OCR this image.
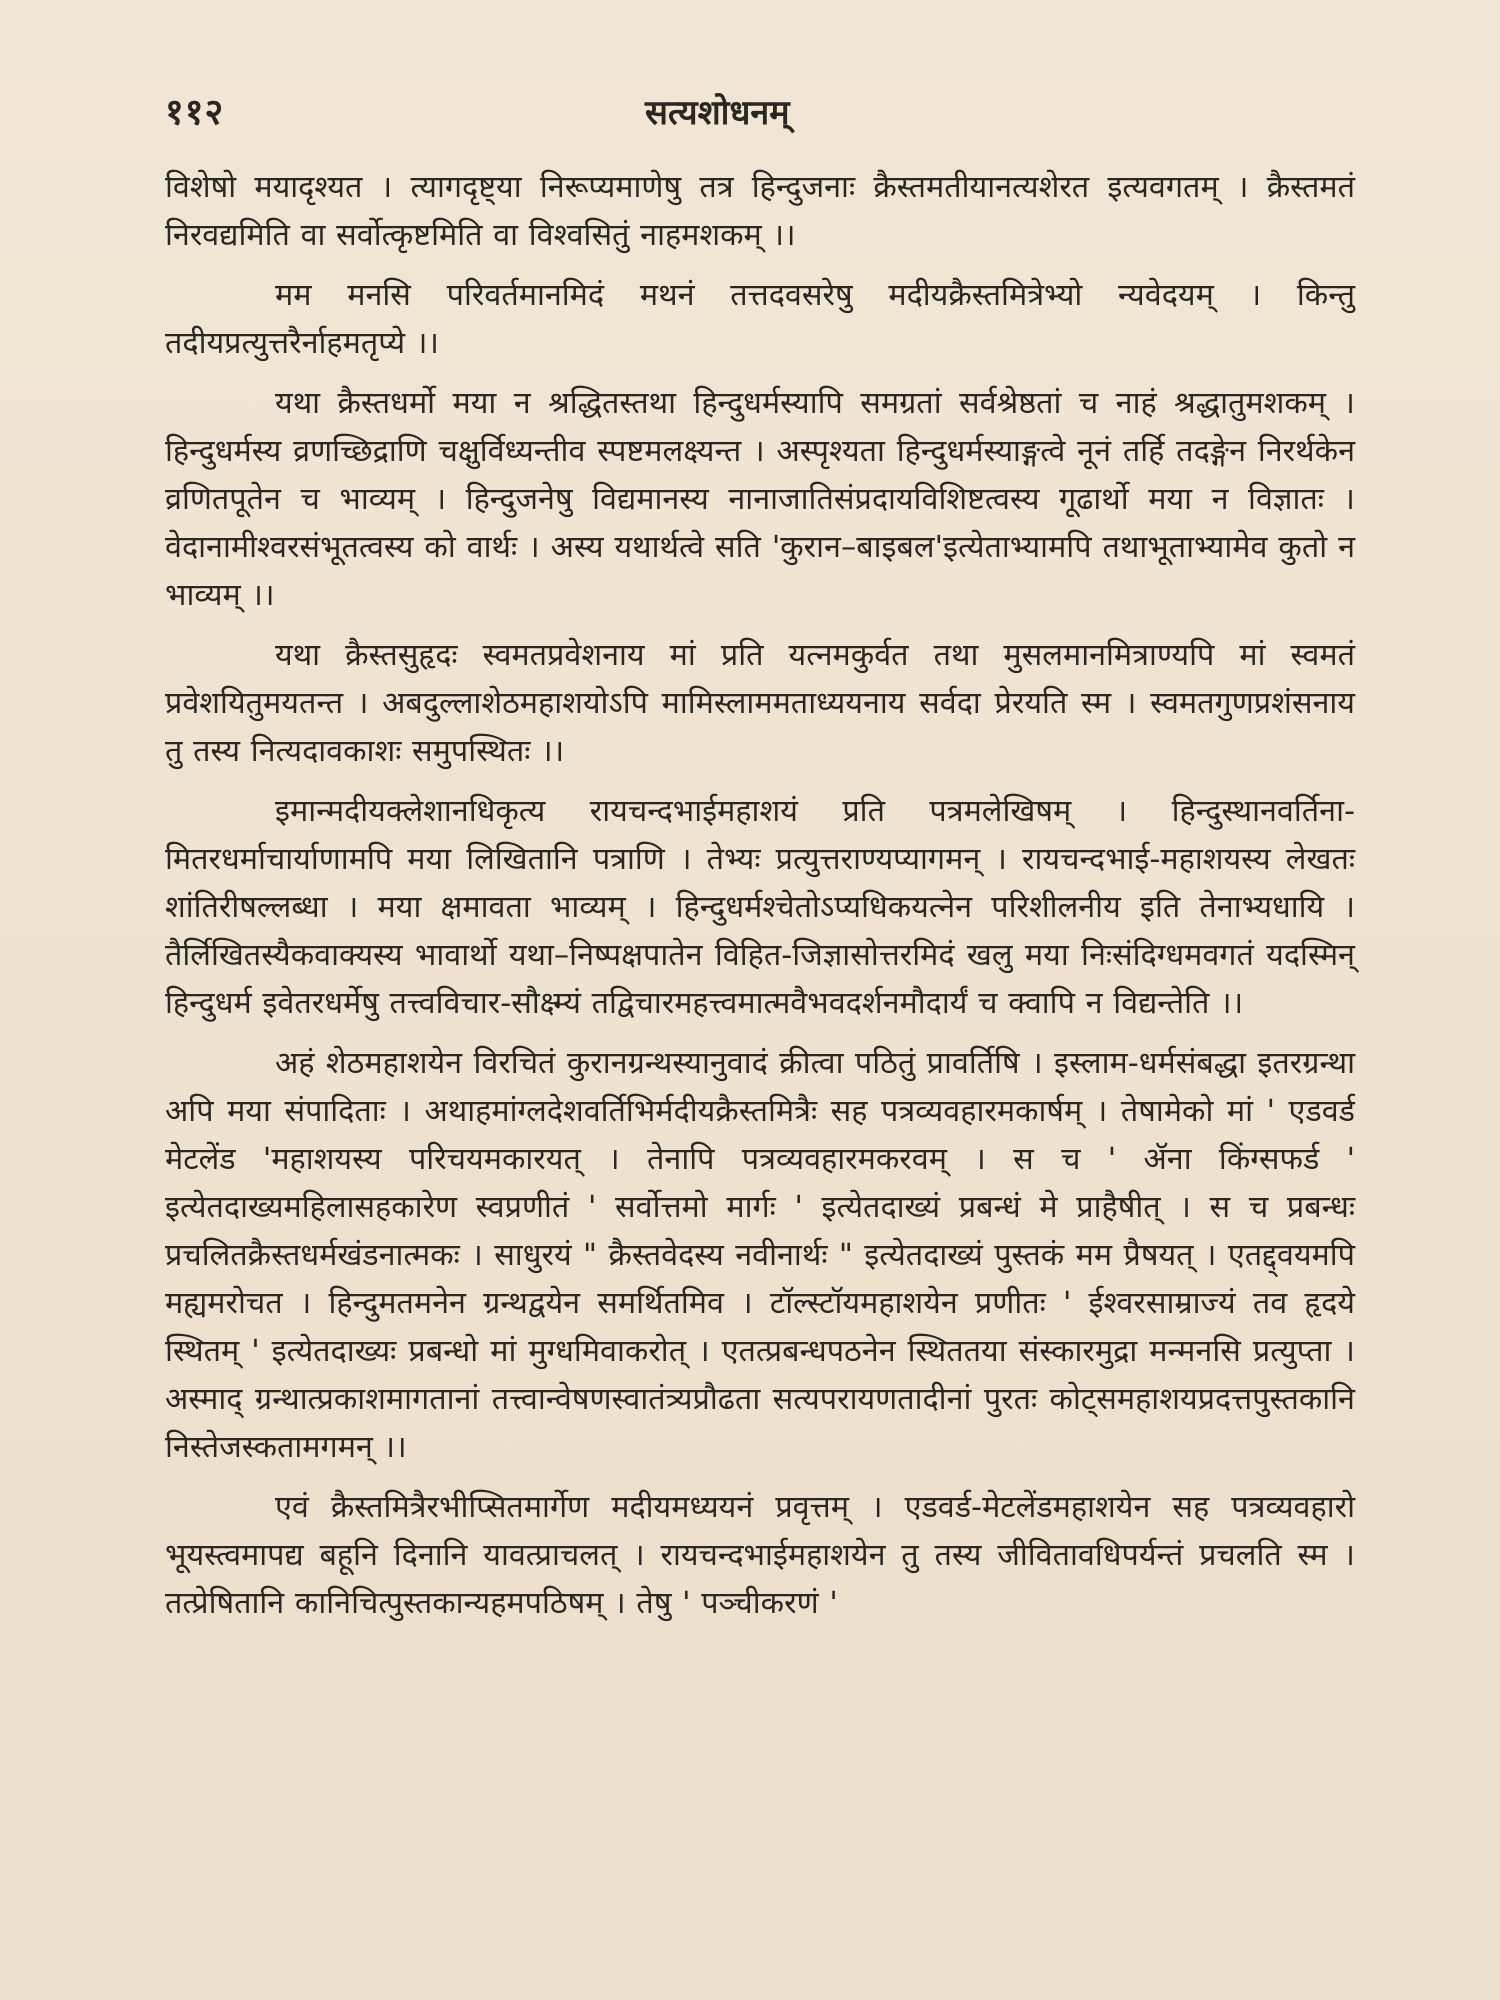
११२	सत्यशोधनम्

विशेषो मयादृश्यत । त्यागदृष्ट्या निरूप्यमाणेषु तत्र हिन्दुजनाः क्रैस्तमतीयानत्यशेरत इत्यवगतम् । क्रैस्तमतं निरवद्यमिति वा सर्वोत्कृष्टमिति वा विश्वसितुं नाहमशकम् ।।

मम मनसि परिवर्तमानमिदं मथनं तत्तदवसरेषु मदीयक्रैस्तमित्रेभ्यो न्यवेदयम् । किन्तु तदीयप्रत्युत्तरैर्नाहमतृप्ये ।।

यथा क्रैस्तधर्मो मया न श्रद्धितस्तथा हिन्दुधर्मस्यापि समग्रतां सर्वश्रेष्ठतां च नाहं श्रद्धातुमशकम् । हिन्दुधर्मस्य व्रणच्छिद्राणि चक्षुर्विध्यन्तीव स्पष्टमलक्ष्यन्त । अस्पृश्यता हिन्दुधर्मस्याङ्गत्वे नूनं तर्हि तदङ्गेन निरर्थकेन व्रणितपूतेन च भाव्यम् । हिन्दुजनेषु विद्यमानस्य नानाजातिसंप्रदायविशिष्टत्वस्य गूढार्थो मया न विज्ञातः । वेदानामीश्वरसंभूतत्वस्य को वार्थः । अस्य यथार्थत्वे सति 'कुरान–बाइबल'इत्येताभ्यामपि तथाभूताभ्यामेव कुतो न भाव्यम् ।।

यथा क्रैस्तसुहृदः स्वमतप्रवेशनाय मां प्रति यत्नमकुर्वत तथा मुसलमानमित्राण्यपि मां स्वमतं प्रवेशयितुमयतन्त । अबदुल्लाशेठमहाशयोऽपि मामिस्लाममताध्ययनाय सर्वदा प्रेरयति स्म । स्वमतगुणप्रशंसनाय तु तस्य नित्यदावकाशः समुपस्थितः ।।

इमान्मदीयक्लेशानधिकृत्य रायचन्दभाईमहाशयं प्रति पत्रमलेखिषम् । हिन्दुस्थानवर्तिना-मितरधर्माचार्याणामपि मया लिखितानि पत्राणि । तेभ्यः प्रत्युत्तराण्यप्यागमन् । रायचन्दभाई-महाशयस्य लेखतः शांतिरीषल्लब्धा । मया क्षमावता भाव्यम् । हिन्दुधर्मश्चेतोऽप्यधिकयत्नेन परिशीलनीय इति तेनाभ्यधायि । तैर्लिखितस्यैकवाक्यस्य भावार्थो यथा–निष्पक्षपातेन विहित-जिज्ञासोत्तरमिदं खलु मया निःसंदिग्धमवगतं यदस्मिन् हिन्दुधर्म इवेतरधर्मेषु तत्त्वविचार-सौक्ष्म्यं तद्विचारमहत्त्वमात्मवैभवदर्शनमौदार्यं च क्वापि न विद्यन्तेति ।।

अहं शेठमहाशयेन विरचितं कुरानग्रन्थस्यानुवादं क्रीत्वा पठितुं प्रावर्तिषि । इस्लाम-धर्मसंबद्धा इतरग्रन्था अपि मया संपादिताः । अथाहमांग्लदेशवर्तिभिर्मदीयक्रैस्तमित्रैः सह पत्रव्यवहारमकार्षम् । तेषामेको मां ' एडवर्ड मेटलेंड 'महाशयस्य परिचयमकारयत् । तेनापि पत्रव्यवहारमकरवम् । स च ' ॲना किंग्सफर्ड ' इत्येतदाख्यमहिलासहकारेण स्वप्रणीतं ' सर्वोत्तमो मार्गः ' इत्येतदाख्यं प्रबन्धं मे प्राहैषीत् । स च प्रबन्धः प्रचलितक्रैस्तधर्मखंडनात्मकः । साधुरयं " क्रैस्तवेदस्य नवीनार्थः " इत्येतदाख्यं पुस्तकं मम प्रैषयत् । एतद्द्वयमपि मह्यमरोचत । हिन्दुमतमनेन ग्रन्थद्वयेन समर्थितमिव । टॉल्स्टॉयमहाशयेन प्रणीतः ' ईश्वरसाम्राज्यं तव हृदये स्थितम् ' इत्येतदाख्यः प्रबन्धो मां मुग्धमिवाकरोत् । एतत्प्रबन्धपठनेन स्थिततया संस्कारमुद्रा मन्मनसि प्रत्युप्ता । अस्माद् ग्रन्थात्प्रकाशमागतानां तत्त्वान्वेषणस्वातंत्र्यप्रौढता सत्यपरायणतादीनां पुरतः कोट्समहाशयप्रदत्तपुस्तकानि निस्तेजस्कतामगमन् ।।

एवं क्रैस्तमित्रैरभीप्सितमार्गेण मदीयमध्ययनं प्रवृत्तम् । एडवर्ड-मेटलेंडमहाशयेन सह पत्रव्यवहारो भूयस्त्वमापद्य बहूनि दिनानि यावत्प्राचलत् । रायचन्दभाईमहाशयेन तु तस्य जीवितावधिपर्यन्तं प्रचलति स्म । तत्प्रेषितानि कानिचित्पुस्तकान्यहमपठिषम् । तेषु ' पञ्चीकरणं '
